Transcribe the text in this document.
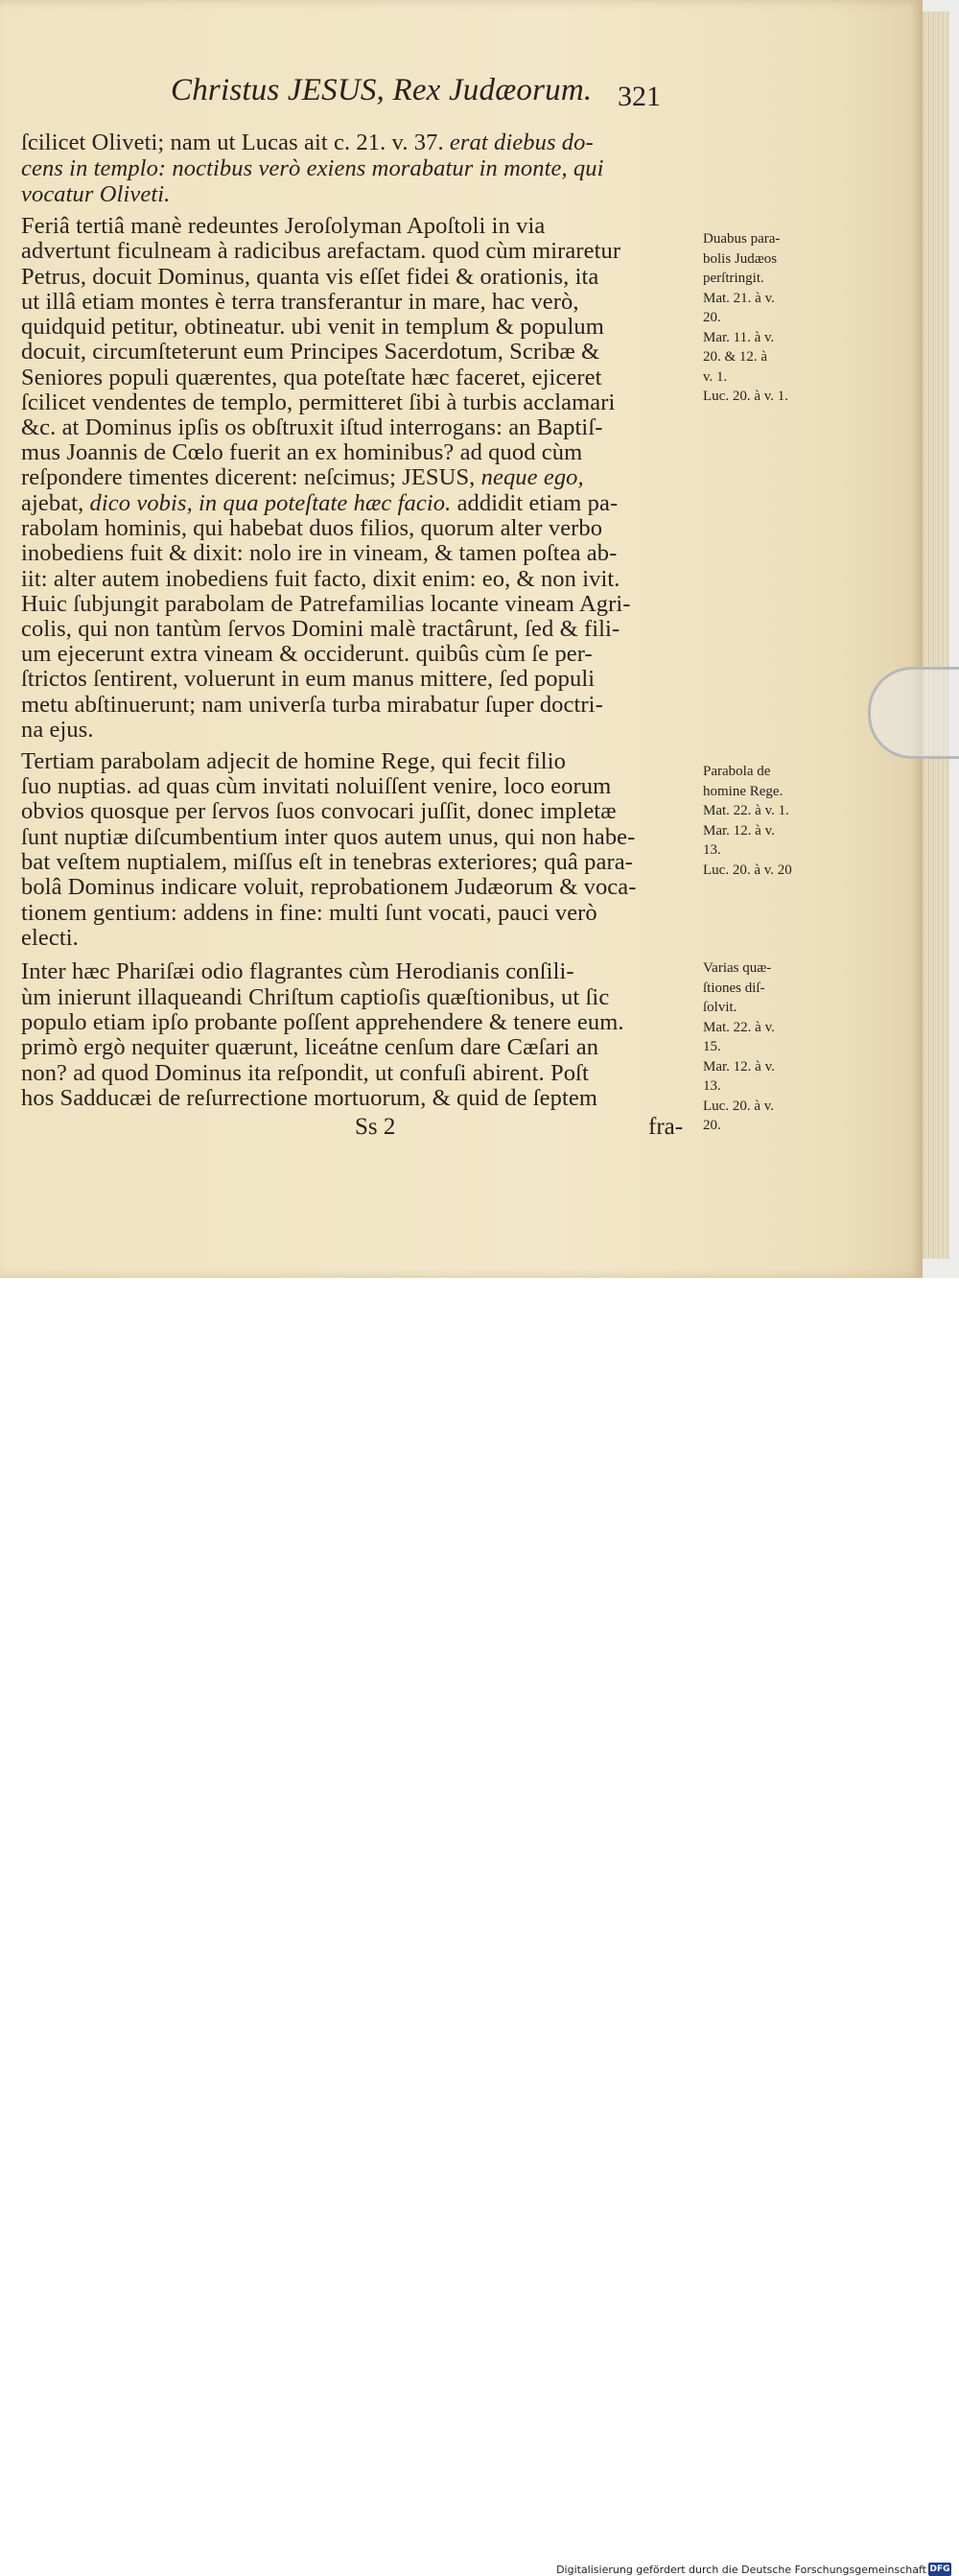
Christus JESUS, Rex Judæorum. 321
ſcilicet Oliveti; nam ut Lucas ait c. 21. v. 37. erat diebus do-
cens in templo: noctibus verò exiens morabatur in monte, qui
vocatur Oliveti.
Feriâ tertiâ manè redeuntes Jeroſolyman Apoſtoli in via
advertunt ficulneam à radicibus arefactam. quod cùm miraretur
Petrus, docuit Dominus, quanta vis eſſet fidei & orationis, ita
ut illâ etiam montes è terra transferantur in mare, hac verò,
quidquid petitur, obtineatur. ubi venit in templum & populum
docuit, circumſteterunt eum Principes Sacerdotum, Scribæ &
Seniores populi quærentes, qua poteſtate hæc faceret, ejiceret
ſcilicet vendentes de templo, permitteret ſibi à turbis acclamari
&c. at Dominus ipſis os obſtruxit iſtud interrogans: an Baptiſ-
mus Joannis de Cœlo fuerit an ex hominibus? ad quod cùm
reſpondere timentes dicerent: neſcimus; JESUS, neque ego,
ajebat, dico vobis, in qua poteſtate hæc facio. addidit etiam pa-
rabolam hominis, qui habebat duos filios, quorum alter verbo
inobediens fuit & dixit: nolo ire in vineam, & tamen poſtea ab-
iit: alter autem inobediens fuit facto, dixit enim: eo, & non ivit.
Huic ſubjungit parabolam de Patrefamilias locante vineam Agri-
colis, qui non tantùm ſervos Domini malè tractârunt, ſed & fili-
um ejecerunt extra vineam & occiderunt. quibûs cùm ſe per-
ſtrictos ſentirent, voluerunt in eum manus mittere, ſed populi
metu abſtinuerunt; nam univerſa turba mirabatur ſuper doctri-
na ejus.
Tertiam parabolam adjecit de homine Rege, qui fecit filio
ſuo nuptias. ad quas cùm invitati noluiſſent venire, loco eorum
obvios quosque per ſervos ſuos convocari juſſit, donec impletæ
ſunt nuptiæ diſcumbentium inter quos autem unus, qui non habe-
bat veſtem nuptialem, miſſus eſt in tenebras exteriores; quâ para-
bolâ Dominus indicare voluit, reprobationem Judæorum & voca-
tionem gentium: addens in fine: multi ſunt vocati, pauci verò
electi.
Inter hæc Phariſæi odio flagrantes cùm Herodianis conſili-
ùm inierunt illaqueandi Chriſtum captioſis quæſtionibus, ut ſic
populo etiam ipſo probante poſſent apprehendere & tenere eum.
primò ergò nequiter quærunt, liceátne cenſum dare Cæſari an
non? ad quod Dominus ita reſpondit, ut confuſi abirent. Poſt
hos Sadducæi de reſurrectione mortuorum, & quid de ſeptem
Duabus para-
bolis Judæos
perſtringit.
Mat. 21. à v.
20.
Mar. 11. à v.
20. & 12. à
v. 1.
Luc. 20. à v. 1.
Parabola de
homine Rege.
Mat. 22. à v. 1.
Mar. 12. à v.
13.
Luc. 20. à v. 20
Varias quæ-
ſtiones diſ-
ſolvit.
Mat. 22. à v.
15.
Mar. 12. à v.
13.
Luc. 20. à v.
20.
Ss 2	fra-
Digitalisierung gefördert durch die Deutsche Forschungsgemeinschaft DFG
